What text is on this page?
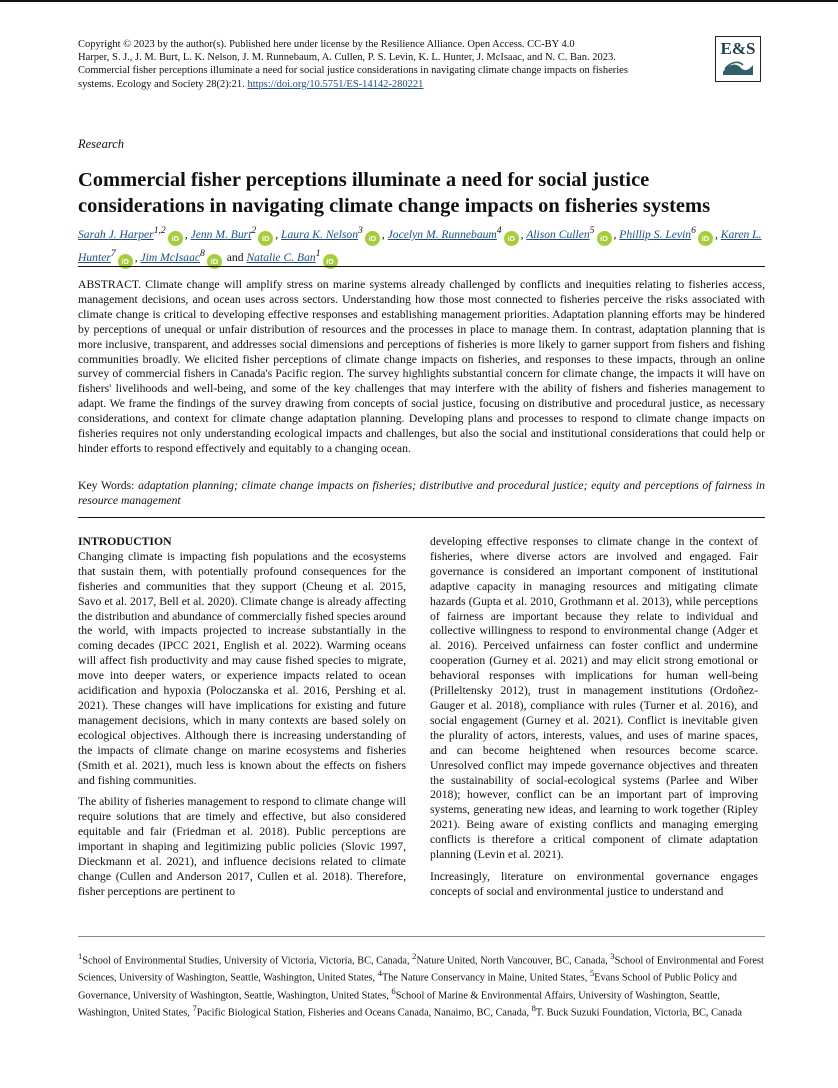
Copyright © 2023 by the author(s). Published here under license by the Resilience Alliance. Open Access. CC-BY 4.0
Harper, S. J., J. M. Burt, L. K. Nelson, J. M. Runnebaum, A. Cullen, P. S. Levin, K. L. Hunter, J. McIsaac, and N. C. Ban. 2023.
Commercial fisher perceptions illuminate a need for social justice considerations in navigating climate change impacts on fisheries
systems. Ecology and Society 28(2):21. https://doi.org/10.5751/ES-14142-280221
E&S
Research
Commercial fisher perceptions illuminate a need for social justice considerations in navigating climate change impacts on fisheries systems
Sarah J. Harper$^{1,2}$iD , Jenn M. Burt$^2$iD , Laura K. Nelson$^3$iD , Jocelyn M. Runnebaum$^4$iD , Alison Cullen$^5$iD , Phillip S. Levin$^6$iD , Karen L. Hunter$^7$iD , Jim McIsaac$^8$iD and Natalie C. Ban$^1$iD

ABSTRACT. Climate change will amplify stress on marine systems already challenged by conflicts and inequities relating to fisheries access, management decisions, and ocean uses across sectors. Understanding how those most connected to fisheries perceive the risks associated with climate change is critical to developing effective responses and establishing management priorities. Adaptation planning efforts may be hindered by perceptions of unequal or unfair distribution of resources and the processes in place to manage them. In contrast, adaptation planning that is more inclusive, transparent, and addresses social dimensions and perceptions of fisheries is more likely to garner support from fishers and fishing communities broadly. We elicited fisher perceptions of climate change impacts on fisheries, and responses to these impacts, through an online survey of commercial fishers in Canada's Pacific region. The survey highlights substantial concern for climate change, the impacts it will have on fishers' livelihoods and well-being, and some of the key challenges that may interfere with the ability of fishers and fisheries management to adapt. We frame the findings of the survey drawing from concepts of social justice, focusing on distributive and procedural justice, as necessary considerations, and context for climate change adaptation planning. Developing plans and processes to respond to climate change impacts on fisheries requires not only understanding ecological impacts and challenges, but also the social and institutional considerations that could help or hinder efforts to respond effectively and equitably to a changing ocean.

Key Words: adaptation planning; climate change impacts on fisheries; distributive and procedural justice; equity and perceptions of fairness in resource management

INTRODUCTION

Changing climate is impacting fish populations and the ecosystems that sustain them, with potentially profound consequences for the fisheries and communities that they support (Cheung et al. 2015, Savo et al. 2017, Bell et al. 2020). Climate change is already affecting the distribution and abundance of commercially fished species around the world, with impacts projected to increase substantially in the coming decades (IPCC 2021, English et al. 2022). Warming oceans will affect fish productivity and may cause fished species to migrate, move into deeper waters, or experience impacts related to ocean acidification and hypoxia (Poloczanska et al. 2016, Pershing et al. 2021). These changes will have implications for existing and future management decisions, which in many contexts are based solely on ecological objectives. Although there is increasing understanding of the impacts of climate change on marine ecosystems and fisheries (Smith et al. 2021), much less is known about the effects on fishers and fishing communities.

The ability of fisheries management to respond to climate change will require solutions that are timely and effective, but also considered equitable and fair (Friedman et al. 2018). Public perceptions are important in shaping and legitimizing public policies (Slovic 1997, Dieckmann et al. 2021), and influence decisions related to climate change (Cullen and Anderson 2017, Cullen et al. 2018). Therefore, fisher perceptions are pertinent to

developing effective responses to climate change in the context of fisheries, where diverse actors are involved and engaged. Fair governance is considered an important component of institutional adaptive capacity in managing resources and mitigating climate hazards (Gupta et al. 2010, Grothmann et al. 2013), while perceptions of fairness are important because they relate to individual and collective willingness to respond to environmental change (Adger et al. 2016). Perceived unfairness can foster conflict and undermine cooperation (Gurney et al. 2021) and may elicit strong emotional or behavioral responses with implications for human well-being (Prilleltensky 2012), trust in management institutions (Ordoñez-Gauger et al. 2018), compliance with rules (Turner et al. 2016), and social engagement (Gurney et al. 2021). Conflict is inevitable given the plurality of actors, interests, values, and uses of marine spaces, and can become heightened when resources become scarce. Unresolved conflict may impede governance objectives and threaten the sustainability of social-ecological systems (Parlee and Wiber 2018); however, conflict can be an important part of improving systems, generating new ideas, and learning to work together (Ripley 2021). Being aware of existing conflicts and managing emerging conflicts is therefore a critical component of climate adaptation planning (Levin et al. 2021).

Increasingly, literature on environmental governance engages concepts of social and environmental justice to understand and

$^1$School of Environmental Studies, University of Victoria, Victoria, BC, Canada, $^2$Nature United, North Vancouver, BC, Canada, $^3$School of Environmental and Forest Sciences, University of Washington, Seattle, Washington, United States, $^4$The Nature Conservancy in Maine, United States, $^5$Evans School of Public Policy and Governance, University of Washington, Seattle, Washington, United States, $^6$School of Marine & Environmental Affairs, University of Washington, Seattle, Washington, United States, $^7$Pacific Biological Station, Fisheries and Oceans Canada, Nanaimo, BC, Canada, $^8$T. Buck Suzuki Foundation, Victoria, BC, Canada
